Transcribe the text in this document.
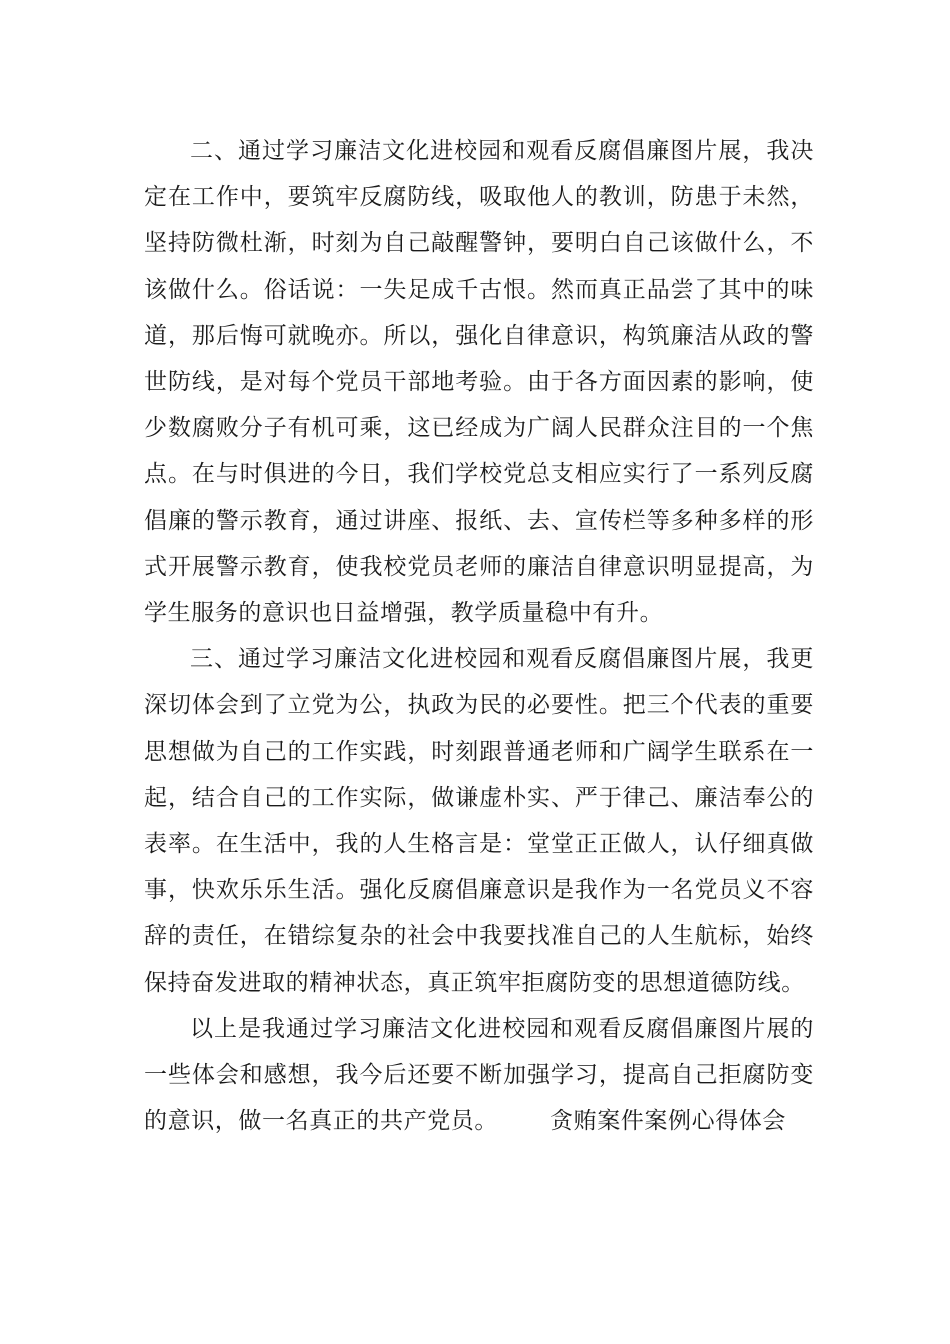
二、通过学习廉洁文化进校园和观看反腐倡廉图片展，我决定在工作中，要筑牢反腐防线，吸取他人的教训，防患于未然，坚持防微杜渐，时刻为自己敲醒警钟，要明白自己该做什么，不该做什么。俗话说：一失足成千古恨。然而真正品尝了其中的味道，那后悔可就晚亦。所以，强化自律意识，构筑廉洁从政的警世防线，是对每个党员干部地考验。由于各方面因素的影响，使少数腐败分子有机可乘，这已经成为广阔人民群众注目的一个焦点。在与时俱进的今日，我们学校党总支相应实行了一系列反腐倡廉的警示教育，通过讲座、报纸、去、宣传栏等多种多样的形式开展警示教育，使我校党员老师的廉洁自律意识明显提高，为学生服务的意识也日益增强，教学质量稳中有升。

三、通过学习廉洁文化进校园和观看反腐倡廉图片展，我更深切体会到了立党为公，执政为民的必要性。把三个代表的重要思想做为自己的工作实践，时刻跟普通老师和广阔学生联系在一起，结合自己的工作实际，做谦虚朴实、严于律己、廉洁奉公的表率。在生活中，我的人生格言是：堂堂正正做人，认仔细真做事，快欢乐乐生活。强化反腐倡廉意识是我作为一名党员义不容辞的责任，在错综复杂的社会中我要找准自己的人生航标，始终保持奋发进取的精神状态，真正筑牢拒腐防变的思想道德防线。

以上是我通过学习廉洁文化进校园和观看反腐倡廉图片展的一些体会和感想，我今后还要不断加强学习，提高自己拒腐防变的意识，做一名真正的共产党员。 贪贿案件案例心得体会
